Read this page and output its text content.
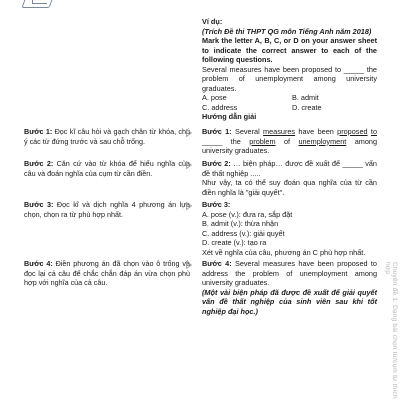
Ví dụ:

(Trích Đề thi THPT QG môn Tiếng Anh năm 2018)

Mark the letter A, B, C, or D on your answer sheet to indicate the correct answer to each of the following questions.

Several measures have been proposed to _____ the problem of unemployment among university graduates.

A. pose	B. admit
C. address	D. create

Hướng dẫn giải

Bước 1: Đọc kĩ câu hỏi và gạch chân từ khóa, chú ý các từ đứng trước và sau chỗ trống.
Bước 1: Several measures have been proposed to _____ the problem of unemployment among university graduates.
Bước 2: Căn cứ vào từ khóa để hiểu nghĩa của câu và đoán nghĩa của cụm từ cần điền.

Bước 2: … biện pháp… được đề xuất để _____ vấn đề thất nghiệp .....

Như vậy, ta có thể suy đoán qua nghĩa của từ cần điền nghĩa là "giải quyết".

Bước 3: Đọc kĩ và dịch nghĩa 4 phương án lựa chọn, chọn ra từ phù hợp nhất.

Bước 3:

A. pose (v.): đưa ra, sắp đặt

B. admit (v.): thừa nhận

C. address (v.): giải quyết

D. create (v.): tạo ra

Xét về nghĩa của câu, phương án C phù hợp nhất.

Bước 4: Điền phương án đã chọn vào ô trống và đọc lại cả câu để chắc chắn đáp án vừa chọn phù hợp với nghĩa của cả câu.

Bước 4: Several measures have been proposed to address the problem of unemployment among university graduates.

(Một vài biện pháp đã được đề xuất để giải quyết vấn đề thất nghiệp của sinh viên sau khi tốt nghiệp đại học.)	Chuyên đề 1: Dạng bài chọn từ/cụm từ thích hợp
